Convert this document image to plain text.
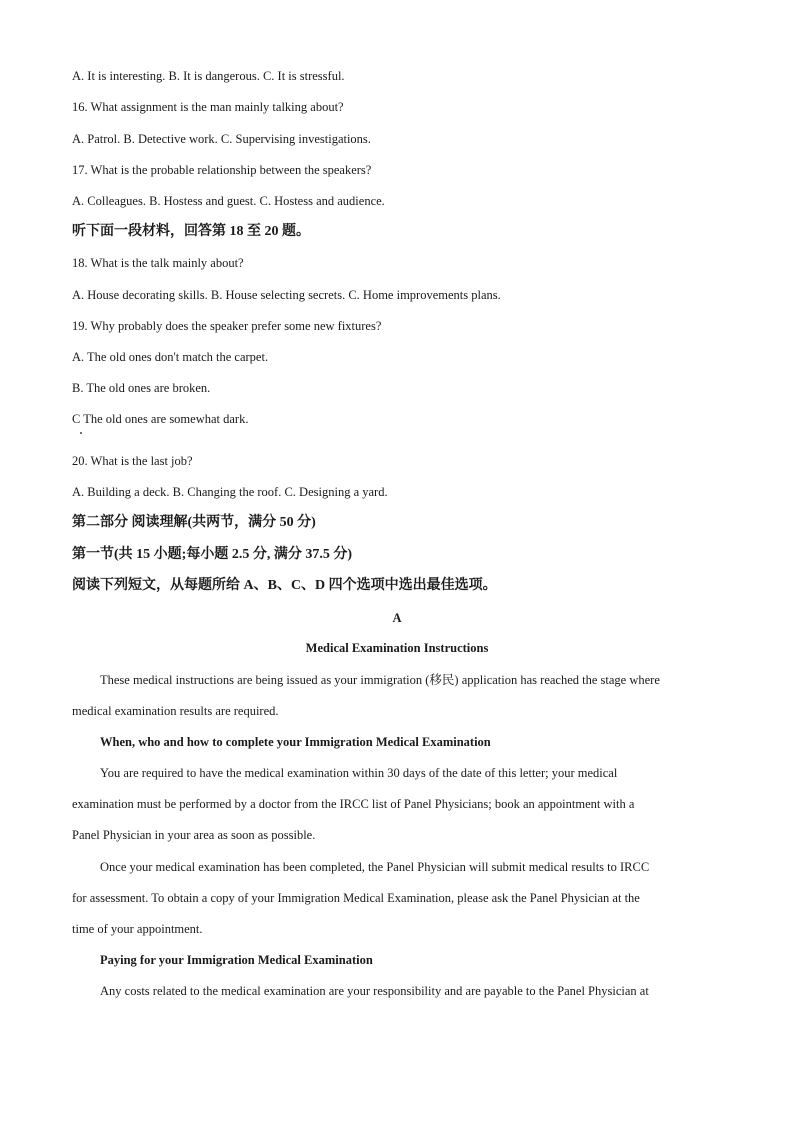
A. It is interesting. B. It is dangerous. C. It is stressful.
16. What assignment is the man mainly talking about?
A. Patrol. B. Detective work. C. Supervising investigations.
17. What is the probable relationship between the speakers?
A. Colleagues. B. Hostess and guest. C. Hostess and audience.
听下面一段材料，回答第 18 至 20 题。
18. What is the talk mainly about?
A. House decorating skills. B. House selecting secrets. C. Home improvements plans.
19. Why probably does the speaker prefer some new fixtures?
A. The old ones don't match the carpet.
B. The old ones are broken.
C The old ones are somewhat dark.
20. What is the last job?
A. Building a deck. B. Changing the roof. C. Designing a yard.
第二部分 阅读理解(共两节，满分 50 分)
第一节(共 15 小题;每小题 2.5 分, 满分 37.5 分)
阅读下列短文，从每题所给 A、B、C、D 四个选项中选出最佳选项。
A
Medical Examination Instructions
These medical instructions are being issued as your immigration (移民) application has reached the stage where
medical examination results are required.
When, who and how to complete your Immigration Medical Examination
You are required to have the medical examination within 30 days of the date of this letter; your medical
examination must be performed by a doctor from the IRCC list of Panel Physicians; book an appointment with a
Panel Physician in your area as soon as possible.
Once your medical examination has been completed, the Panel Physician will submit medical results to IRCC
for assessment. To obtain a copy of your Immigration Medical Examination, please ask the Panel Physician at the
time of your appointment.
Paying for your Immigration Medical Examination
Any costs related to the medical examination are your responsibility and are payable to the Panel Physician at
